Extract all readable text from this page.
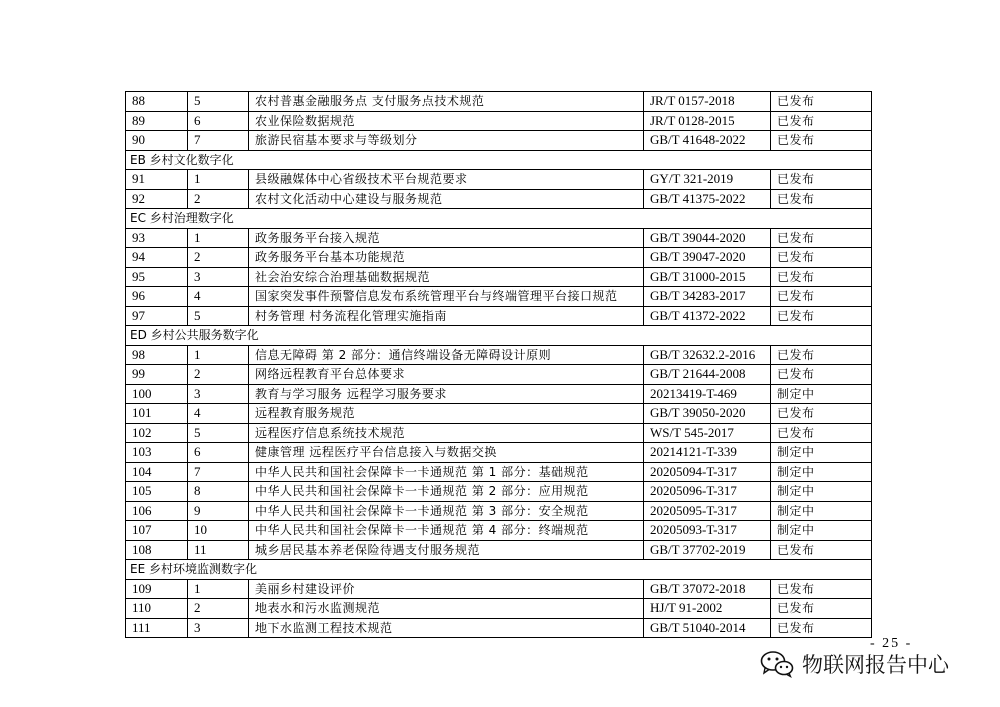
88	5	农村普惠金融服务点 支付服务点技术规范	JR/T 0157-2018	已发布
89	6	农业保险数据规范	JR/T 0128-2015	已发布
90	7	旅游民宿基本要求与等级划分	GB/T 41648-2022	已发布
EB 乡村文化数字化				
91	1	县级融媒体中心省级技术平台规范要求	GY/T 321-2019	已发布
92	2	农村文化活动中心建设与服务规范	GB/T 41375-2022	已发布
EC 乡村治理数字化				
93	1	政务服务平台接入规范	GB/T 39044-2020	已发布
94	2	政务服务平台基本功能规范	GB/T 39047-2020	已发布
95	3	社会治安综合治理基础数据规范	GB/T 31000-2015	已发布
96	4	国家突发事件预警信息发布系统管理平台与终端管理平台接口规范	GB/T 34283-2017	已发布
97	5	村务管理 村务流程化管理实施指南	GB/T 41372-2022	已发布
ED 乡村公共服务数字化				
98	1	信息无障碍 第 2 部分：通信终端设备无障碍设计原则	GB/T 32632.2-2016	已发布
99	2	网络远程教育平台总体要求	GB/T 21644-2008	已发布
100	3	教育与学习服务 远程学习服务要求	20213419-T-469	制定中
101	4	远程教育服务规范	GB/T 39050-2020	已发布
102	5	远程医疗信息系统技术规范	WS/T 545-2017	已发布
103	6	健康管理 远程医疗平台信息接入与数据交换	20214121-T-339	制定中
104	7	中华人民共和国社会保障卡一卡通规范 第 1 部分：基础规范	20205094-T-317	制定中
105	8	中华人民共和国社会保障卡一卡通规范 第 2 部分：应用规范	20205096-T-317	制定中
106	9	中华人民共和国社会保障卡一卡通规范 第 3 部分：安全规范	20205095-T-317	制定中
107	10	中华人民共和国社会保障卡一卡通规范 第 4 部分：终端规范	20205093-T-317	制定中
108	11	城乡居民基本养老保险待遇支付服务规范	GB/T 37702-2019	已发布
EE 乡村环境监测数字化				
109	1	美丽乡村建设评价	GB/T 37072-2018	已发布
110	2	地表水和污水监测规范	HJ/T 91-2002	已发布
111	3	地下水监测工程技术规范	GB/T 51040-2014	已发布
- 25 -
物联网报告中心
